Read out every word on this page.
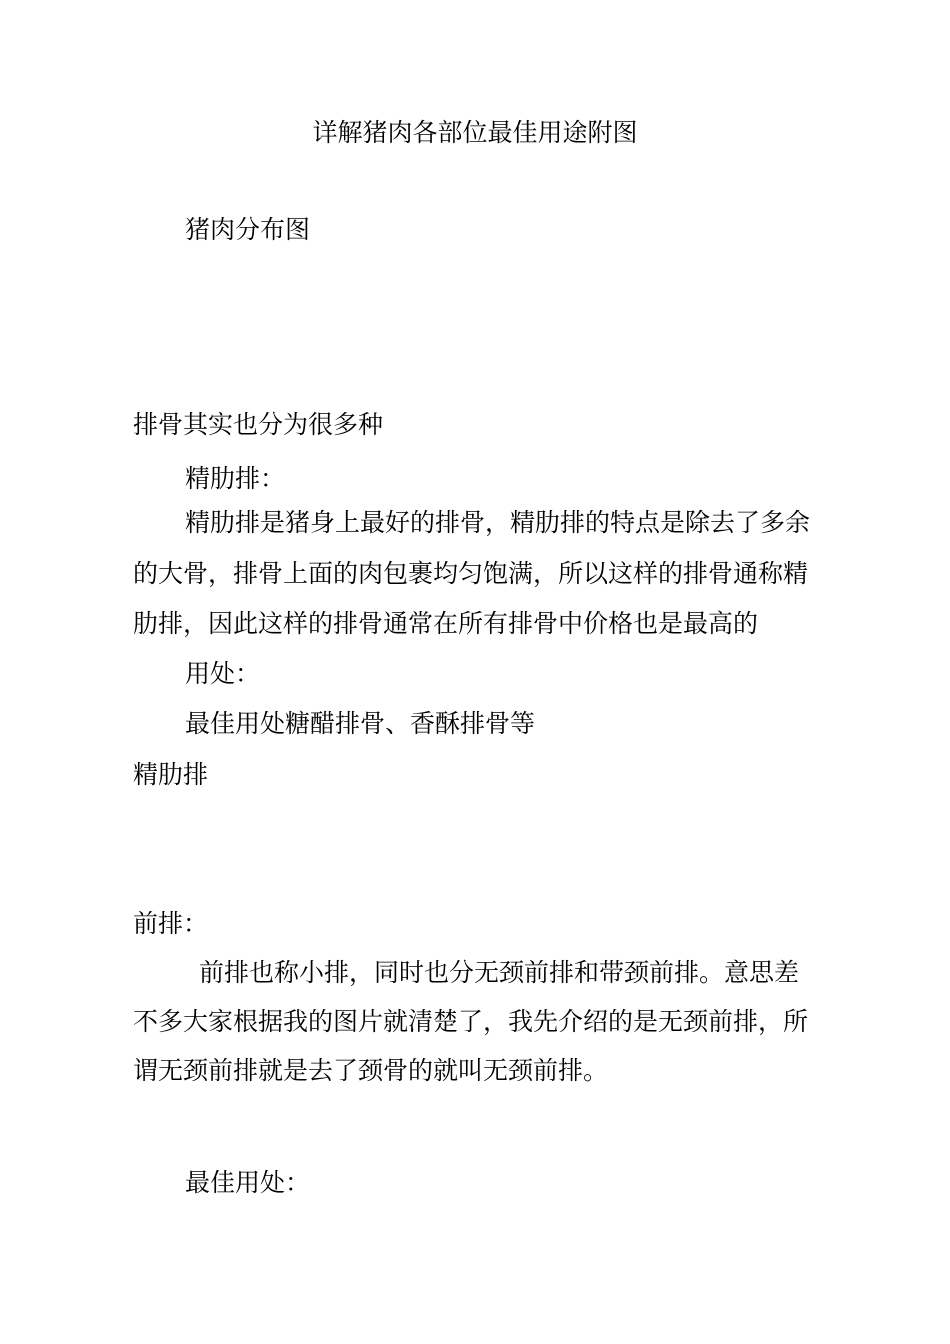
详解猪肉各部位最佳用途附图
猪肉分布图
排骨其实也分为很多种
精肋排：
精肋排是猪身上最好的排骨，精肋排的特点是除去了多余
的大骨，排骨上面的肉包裹均匀饱满，所以这样的排骨通称精
肋排，因此这样的排骨通常在所有排骨中价格也是最高的
用处：
最佳用处糖醋排骨、香酥排骨等
精肋排
前排：
前排也称小排，同时也分无颈前排和带颈前排。意思差
不多大家根据我的图片就清楚了，我先介绍的是无颈前排，所
谓无颈前排就是去了颈骨的就叫无颈前排。
最佳用处：
